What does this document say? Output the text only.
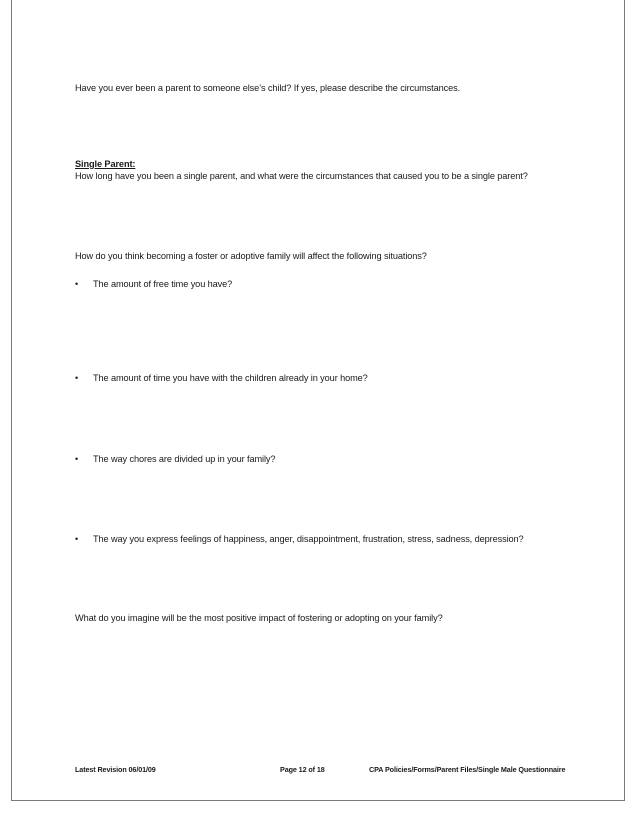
Have you ever been a parent to someone else’s child? If yes, please describe the circumstances.
Single Parent:
How long have you been a single parent, and what were the circumstances that caused you to be a single parent?
How do you think becoming a foster or adoptive family will affect the following situations?
• The amount of free time you have?
• The amount of time you have with the children already in your home?
• The way chores are divided up in your family?
• The way you express feelings of happiness, anger, disappointment, frustration, stress, sadness, depression?
What do you imagine will be the most positive impact of fostering or adopting on your family?
Latest Revision 06/01/09	Page 12 of 18	CPA Policies/Forms/Parent Files/Single Male Questionnaire
